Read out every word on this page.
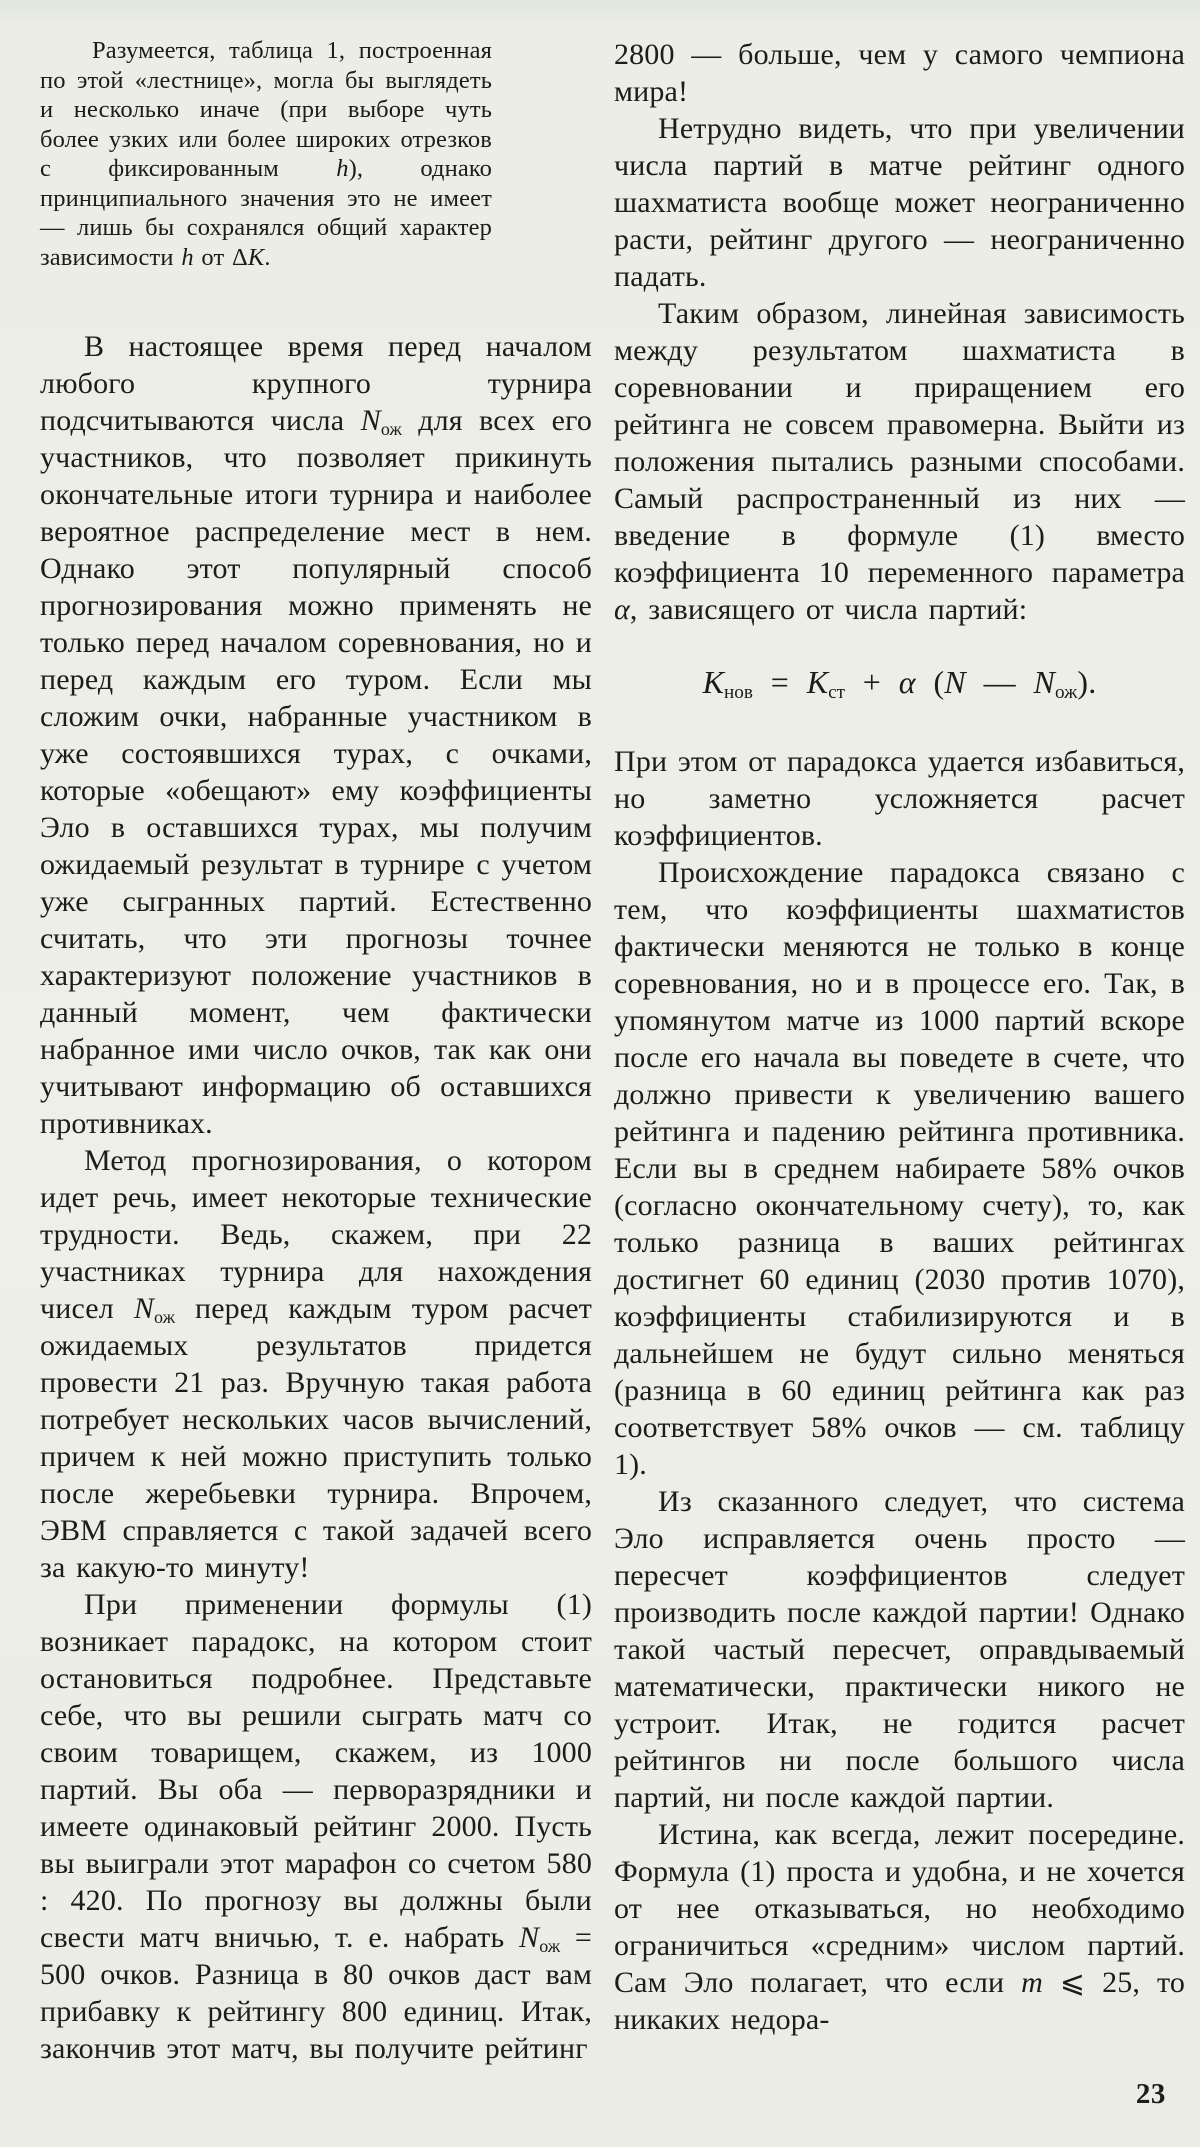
Разумеется, таблица 1, построенная по этой «лестнице», могла бы выглядеть и несколько иначе (при выборе чуть более узких или более широких отрезков с фиксированным h), однако принципиального значения это не имеет — лишь бы сохранялся общий характер зависимости h от ΔК.
В настоящее время перед началом любого крупного турнира подсчитываются числа $N_{ож}$ для всех его участников, что позволяет прикинуть окончательные итоги турнира и наиболее вероятное распределение мест в нем. Однако этот популярный способ прогнозирования можно применять не только перед началом соревнования, но и перед каждым его туром. Если мы сложим очки, набранные участником в уже состоявшихся турах, с очками, которые «обещают» ему коэффициенты Эло в оставшихся турах, мы получим ожидаемый результат в турнире с учетом уже сыгранных партий. Естественно считать, что эти прогнозы точнее характеризуют положение участников в данный момент, чем фактически набранное ими число очков, так как они учитывают информацию об оставшихся противниках.
Метод прогнозирования, о котором идет речь, имеет некоторые технические трудности. Ведь, скажем, при 22 участниках турнира для нахождения чисел $N_{ож}$ перед каждым туром расчет ожидаемых результатов придется провести 21 раз. Вручную такая работа потребует нескольких часов вычислений, причем к ней можно приступить только после жеребьевки турнира. Впрочем, ЭВМ справляется с такой задачей всего за какую-то минуту!
При применении формулы (1) возникает парадокс, на котором стоит остановиться подробнее. Представьте себе, что вы решили сыграть матч со своим товарищем, скажем, из 1000 партий. Вы оба — перворазрядники и имеете одинаковый рейтинг 2000. Пусть вы выиграли этот марафон со счетом 580 : 420. По прогнозу вы должны были свести матч вничью, т. е. набрать $N_{ож} = 500$ очков. Разница в 80 очков даст вам прибавку к рейтингу 800 единиц. Итак, закончив этот матч, вы получите рейтинг
2800 — больше, чем у самого чемпиона мира!
Нетрудно видеть, что при увеличении числа партий в матче рейтинг одного шахматиста вообще может неограниченно расти, рейтинг другого — неограниченно падать.
Таким образом, линейная зависимость между результатом шахматиста в соревновании и приращением его рейтинга не совсем правомерна. Выйти из положения пытались разными способами. Самый распространенный из них — введение в формуле (1) вместо коэффициента 10 переменного параметра α, зависящего от числа партий:
$К_{нов} = К_{ст} + \alpha$ (N — $N_{ож}$).
При этом от парадокса удается избавиться, но заметно усложняется расчет коэффициентов.
Происхождение парадокса связано с тем, что коэффициенты шахматистов фактически меняются не только в конце соревнования, но и в процессе его. Так, в упомянутом матче из 1000 партий вскоре после его начала вы поведете в счете, что должно привести к увеличению вашего рейтинга и падению рейтинга противника. Если вы в среднем набираете 58% очков (согласно окончательному счету), то, как только разница в ваших рейтингах достигнет 60 единиц (2030 против 1070), коэффициенты стабилизируются и в дальнейшем не будут сильно меняться (разница в 60 единиц рейтинга как раз соответствует 58% очков — см. таблицу 1).
Из сказанного следует, что система Эло исправляется очень просто — пересчет коэффициентов следует производить после каждой партии! Однако такой частый пересчет, оправдываемый математически, практически никого не устроит. Итак, не годится расчет рейтингов ни после большого числа партий, ни после каждой партии.
Истина, как всегда, лежит посередине. Формула (1) проста и удобна, и не хочется от нее отказываться, но необходимо ограничиться «средним» числом партий. Сам Эло полагает, что если m ⩽ 25, то никаких недора-
23
